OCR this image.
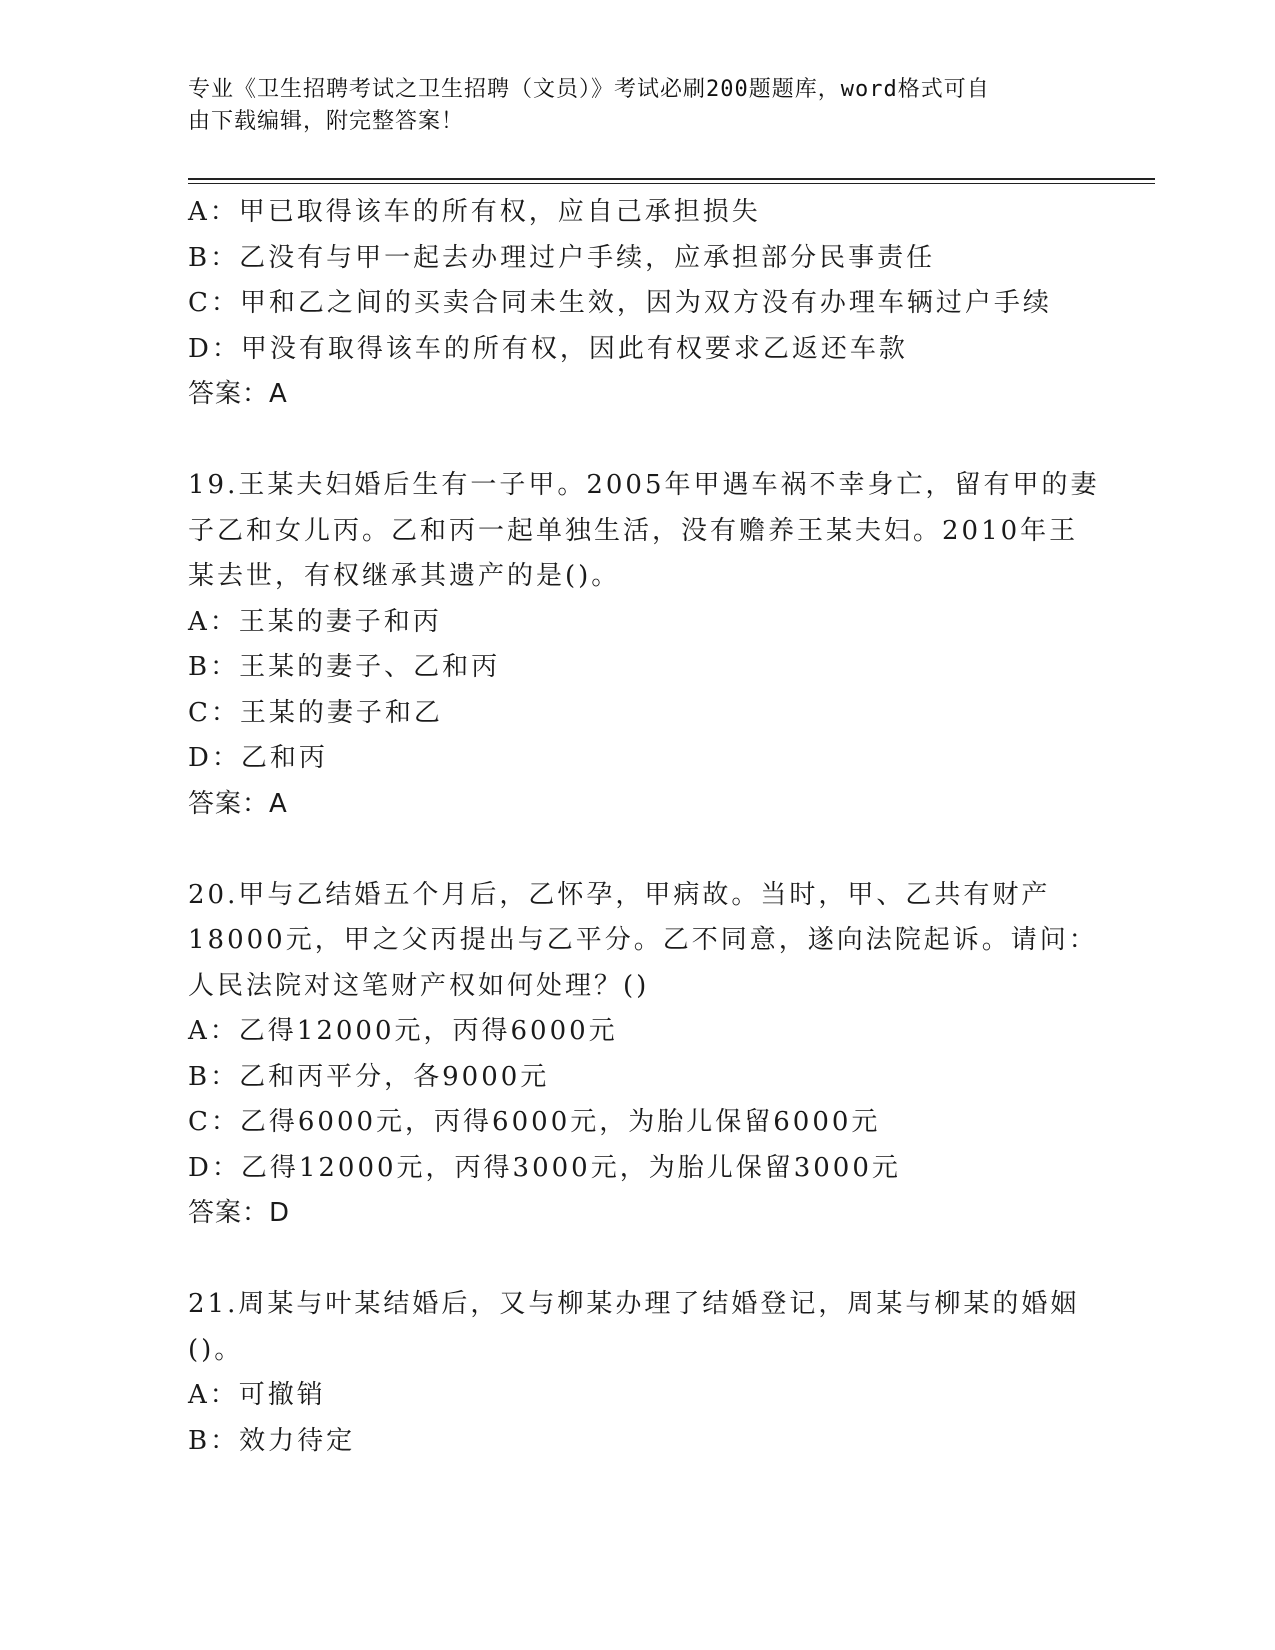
专业《卫生招聘考试之卫生招聘（文员）》考试必刷200题题库，word格式可自
由下载编辑，附完整答案！
A：甲已取得该车的所有权，应自己承担损失
B：乙没有与甲一起去办理过户手续，应承担部分民事责任
C：甲和乙之间的买卖合同未生效，因为双方没有办理车辆过户手续
D：甲没有取得该车的所有权，因此有权要求乙返还车款
答案：A
19.王某夫妇婚后生有一子甲。2005年甲遇车祸不幸身亡，留有甲的妻
子乙和女儿丙。乙和丙一起单独生活，没有赡养王某夫妇。2010年王
某去世，有权继承其遗产的是()。
A：王某的妻子和丙
B：王某的妻子、乙和丙
C：王某的妻子和乙
D：乙和丙
答案：A
20.甲与乙结婚五个月后，乙怀孕，甲病故。当时，甲、乙共有财产
18000元，甲之父丙提出与乙平分。乙不同意，遂向法院起诉。请问：
人民法院对这笔财产权如何处理？()
A：乙得12000元，丙得6000元
B：乙和丙平分，各9000元
C：乙得6000元，丙得6000元，为胎儿保留6000元
D：乙得12000元，丙得3000元，为胎儿保留3000元
答案：D
21.周某与叶某结婚后，又与柳某办理了结婚登记，周某与柳某的婚姻
()。
A：可撤销
B：效力待定
